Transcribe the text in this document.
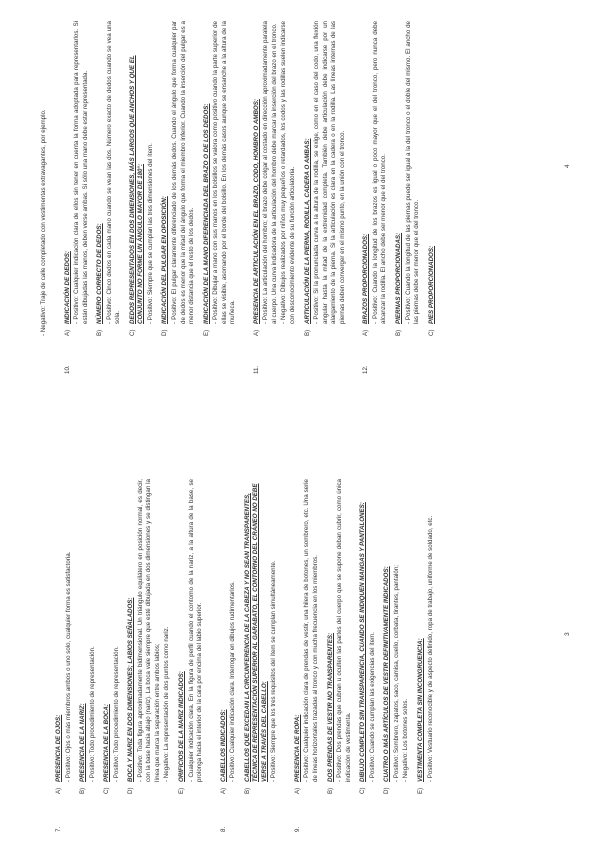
7.
A)
PRESENCIA DE OJOS: - Positivo: Ojos o más miembros ambos o uno solo, cualquier forma es satisfactoria.
B)
PRESENCIA DE LA NARIZ: - Positivo: Todo procedimiento de representación.
C)
PRESENCIA DE LA BOCA: - Positivo: Todo procedimiento de representación.
D)
BOCA Y NARIZ EN DOS DIMENSIONES; LABIOS SEÑALADOS: - Positivo: Toda figura aproximadamente bidimensional. Un triángulo equilátero en posición normal, es decir, con la base hacia abajo (nariz). La boca vale siempre que esté dibujada en dos dimensiones y se distingan la línea que marca la separación entre ambos labios; - Negativo: La representación de dos puntos como nariz.
E)
ORIFICIOS DE LA NARIZ INDICADOS: - Cualquier indicación clara. En la figura de perfil cuando el contorno de la nariz, a la altura de la base, se prolonga hacia el interior de la cara por encima del labio superior.
8.
A)
CABELLOS INDICADOS: - Positivo: Cualquier indicación clara. Interrogar en dibujos rudimentarios.
B)
CABELLOS QUE EXCEDAN LA CIRCUNFERENCIA DE LA CABEZA Y NO SEAN TRANSPARENTES, TÉCNICA DE REPRESENTACIÓN SUPERIOR AL GARABATO, EL CONTORNO DEL CRÁNEO NO DEBE VERSE A TRAVÉS DEL CABELLO: - Positivo: Siempre que los tres requisitos del ítem se cumplan simultáneamente.
9.
A)
PRESENCIA DE ROPA: - Positivo: Cualquier indicación clara de prendas de vestir, una hilera de botones, un sombrero, etc. Una serie de líneas horizontales trazadas al tronco y con mucha frecuencia en los miembros.
B)
DOS PRENDAS DE VESTIR NO TRANSPARENTES: - Positivo: Dos prendas que cubran u oculten las partes del cuerpo que se supone deban cubrir, como única indicación de vestimenta.
C)
DIBUJO COMPLETO SIN TRANSPARENCIA, CUANDO SE INDIQUEN MANGAS Y PANTALONES: - Positivo: Cuando se cumplan las exigencias del ítem.
D)
CUATRO O MÁS ARTÍCULOS DE VESTIR DEFINITIVAMENTE INDICADOS: - Positivo: Sombrero, zapatos, saco, camisa, cuello, corbata, tirantes, pantalón; - Negativo: Los botones solos.
E)
VESTIMENTA COMPLETA SIN INCONGRUENCIA: - Positivo: Vestuario reconocible y de aspecto definido, ropa de trabajo, uniforme de soldado, etc.
- Negativo: Traje de calle completado con vestimentas extravagantes, por ejemplo.
10.
A)
INDICACIÓN DE DEDOS: - Positivo: Cualquier indicación clara de ellos sin tener en cuenta la forma adoptada para representarlos. Si están dibujadas las manos, deben verse ambas. Si sólo una mano debe estar representada.
B)
NÚMERO CORRECTO DE DEDOS: - Positivo: Cinco dedos en cada mano cuando se vean las dos. Número exacto de dedos cuando se vea una sola.
C)
DEDOS REPRESENTADOS EN DOS DIMENSIONES, MÁS LARGOS QUE ANCHOS Y QUE EL CONJUNTO NO FORME UN ÁNGULO MAYOR DE 180°: - Positivo: Siempre que se cumplan las tres dimensiones del ítem.
D)
INDICACIÓN DEL PULGAR EN OPOSICIÓN: - Positivo: El pulgar claramente diferenciado de los demás dedos. Cuando el ángulo que forma cualquier par de dedos es menor que la mitad del ángulo que forma el miembro inferior. Cuando la inserción del pulgar es a menor distancia que el resto de los dedos.
E)
INDICACIÓN DE LA MANO DIFERENCIADA DEL BRAZO O DE LOS DEDOS: - Positivo: Dibujar a mano con sus manos en los bolsillos se valora como positivo cuando la parte superior de ellas se visible, asomando por el borde del bolsillo. En los demás casos aunque se ensanche a la altura de la muñeca.
11.
A)
PRESENCIA DE ARTICULACIÓN EN EL BRAZO, CODO, HOMBRO O AMBOS: - Positivo: La articulación del hombro; el brazo debe colgar al costado en dirección aproximadamente paralela al cuerpo. Una curva indicadora de la articulación del hombro debe marcar la inserción del brazo en el tronco. - Negativo: Dibujos realizados por niños muy pequeños o retardados, los codos y las rodillas suelen indicarse con desconocimiento evidente de su función articulatoria.
B)
ARTICULACIÓN DE LA PIERNA, RODILLA, CADERA O AMBAS: - Positivo: Si la pronunciada curva a la altura de la rodilla, se exige, como en el caso del codo, una flexión angular hasta la mitad de la extremidad completa. También debe articulación debe indicarse por un alargamiento de la pierna. Si la articulación es clara en la cadera o en la rodilla. Las líneas internas de las piernas deben converger en el mismo punto, en la unión con el tronco.
12.
A)
BRAZOS PROPORCIONADOS: - Positivo: Cuando la longitud de los brazos es igual o poco mayor que el del tronco, pero nunca debe alcanzar la rodilla. El ancho debe ser menor que el del tronco.
B)
PIERNAS PROPORCIONADAS: - Positivo: Cuando la longitud de las piernas puede ser igual a la del tronco o el doble del mismo. El ancho de las piernas debe ser menor que el del tronco.
C)
PIES PROPORCIONADOS:
3
4
